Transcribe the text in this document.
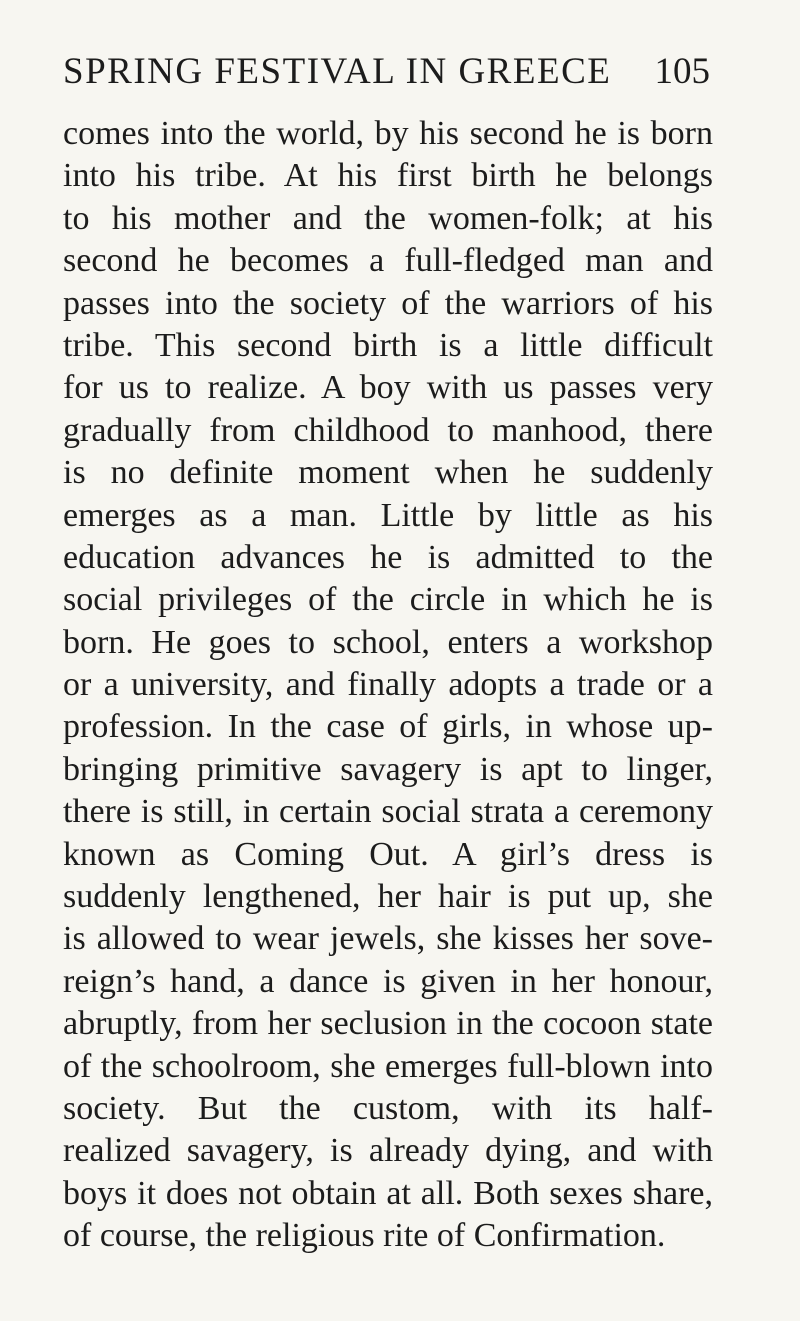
SPRING FESTIVAL IN GREECE 105
comes into the world, by his second he is born
into his tribe. At his first birth he belongs
to his mother and the women-folk; at his
second he becomes a full-fledged man and
passes into the society of the warriors of his
tribe. This second birth is a little difficult
for us to realize. A boy with us passes very
gradually from childhood to manhood, there
is no definite moment when he suddenly
emerges as a man. Little by little as his
education advances he is admitted to the
social privileges of the circle in which he is
born. He goes to school, enters a workshop
or a university, and finally adopts a trade or a
profession. In the case of girls, in whose up-
bringing primitive savagery is apt to linger,
there is still, in certain social strata a ceremony
known as Coming Out. A girl’s dress is
suddenly lengthened, her hair is put up, she
is allowed to wear jewels, she kisses her sove-
reign’s hand, a dance is given in her honour,
abruptly, from her seclusion in the cocoon state
of the schoolroom, she emerges full-blown into
society. But the custom, with its half-
realized savagery, is already dying, and with
boys it does not obtain at all. Both sexes share,
of course, the religious rite of Confirmation.
